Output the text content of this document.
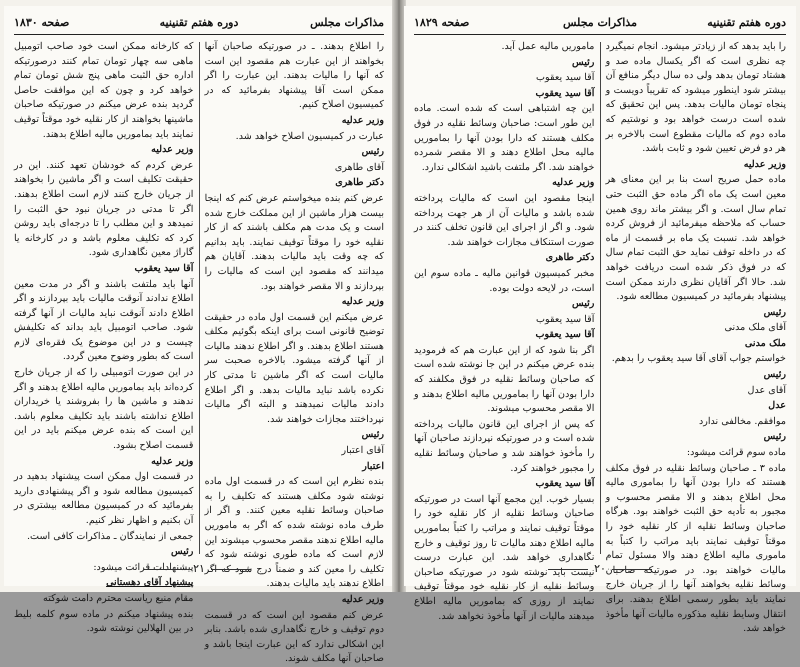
مذاکرات مجلس
دوره هفتم تقنینیه
صفحه ۱۸۳۰

را اطلاع بدهند. ـ در صورتیکه صاحبان آنها بخواهند از این عبارت هم مقصود این است که آنها را مالیات بدهند. این عبارت را اگر ممکن است آقا پیشنهاد بفرمائید که در کمیسیون اصلاح کنیم.

وزیر عدلیه

عبارت در کمیسیون اصلاح خواهد شد.

رئیس

آقای طاهری

دکتر طاهری

عرض کنم بنده میخواستم عرض کنم که اینجا بیست هزار ماشین از این مملکت خارج شده است و یک مدت هم مکلف باشند که از کار نقلیه خود را موقتاً توقیف نمایند. باید بدانیم که چه وقت باید مالیات بدهند. آقایان هم میدانند که مقصود این است که مالیات را بپردازند و الا مقصر خواهند بود.

وزیر عدلیه

عرض میکنم این قسمت اول ماده در حقیقت توضیح قانونی است برای اینکه بگوئیم مکلف هستند اطلاع بدهند. و اگر اطلاع ندهند مالیات از آنها گرفته میشود. بالاخره صحبت سر مالیات است که اگر ماشین تا مدتی کار نکرده باشد نباید مالیات بدهد. و اگر اطلاع دادند مالیات نمیدهند و البته اگر مالیات نپرداختند مجازات خواهند شد.

رئیس

آقای اعتبار

اعتبار

بنده نظرم این است که در قسمت اول ماده نوشته شود مکلف هستند که تکلیف را به صاحبان وسائط نقلیه معین کنند. و اگر از طرف ماده نوشته شده که اگر به ماموریں مالیه اطلاع ندهند مقصر محسوب میشوند این لازم است که ماده طوری نوشته شود که تکلیف را معین کند و ضمناً درج شود که اگر اطلاع ندهند باید مالیات بدهند.

وزیر عدلیه

عرض کنم مقصود این است که در قسمت دوم توقیف و خارج نگاهداری شده باشد. بنابر این اشکالی ندارد که این عبارت اینجا باشد و صاحبان آنها مکلف شوند.

که کارخانه ممکن است خود صاحب اتومبیل ماهی سه چهار تومان تمام کنند درصورتیکه اداره حق الثبت ماهی پنج شش تومان تمام خواهد کرد و چون که این موافقت حاصل گردید بنده عرض میکنم در صورتیکه صاحبان ماشینها بخواهند از کار نقلیه خود موقتاً توقیف نمایند باید بماموریں مالیه اطلاع بدهند.

وزیر عدلیه

عرض کردم که خودشان تعهد کنند. این در حقیقت تکلیف است و اگر ماشین را بخواهند از جریان خارج کنند لازم است اطلاع بدهند. اگر تا مدتی در جریان نبود حق الثبت را نمیدهد و این مطلب را تا درجه‌ای باید روشن کرد که تکلیف معلوم باشد و در کارخانه یا گاراژ معین نگاهداری شود.

آقا سید یعقوب

آنها باید ملتفت باشند و اگر در مدت معین اطلاع ندادند آنوقت مالیات باید بپردازند و اگر اطلاع دادند آنوقت نباید مالیات از آنها گرفته شود. صاحب اتومبیل باید بداند که تکلیفش چیست و در این موضوع یک فقره‌ای لازم است که بطور وضوح معین گردد.

در این صورت اتومبیلی را که از جریان خارج کرده‌اند باید بماموریں مالیه اطلاع بدهند و اگر ندهند و ماشین ها را بفروشند یا خریداران اطلاع نداشته باشند باید تکلیف معلوم باشد. این است که بنده عرض میکنم باید در این قسمت اصلاح بشود.

وزیر عدلیه

در قسمت اول ممکن است پیشنهاد بدهید در کمیسیون مطالعه شود و اگر پیشنهادی دارید بفرمائید که در کمیسیون مطالعه بیشتری در آن بکنیم و اظهار نظر کنیم.

جمعی از نمایندگان ـ مذاکرات کافی است.

رئیس

پیشنهادات قرائت میشود:

پیشنهاد آقای دهستانی

مقام منیع ریاست محترم دامت شوکته

بنده پیشنهاد میکنم در ماده سوم کلمه بلیط در بین الهلالین نوشته شود.

۲۱
دوره هفتم تقنینیه
مذاکرات مجلس
صفحه ۱۸۲۹

را باید بدهد که از زیادتر میشود. انجام نمیگیرد چه نظری است که اگر یکسال ماده صد و هشتاد تومان بدهد ولی ده سال دیگر منافع آن بیشتر شود اینطور میشود که تقریباً دویست و پنجاه تومان مالیات بدهد. پس این تحقیق که شده است درست خواهد بود و نوشتیم که ماده دوم که مالیات مقطوع است بالاخره بر هر دو فرض تعیین شود و ثابت باشد.

وزیر عدلیه

ماده حمل صریح است بنا بر این معنای هر معین است یک ماه اگر ماده حق الثبت حتی تمام سال است. و اگر بیشتر ماند روی همین حساب که ملاحظه میفرمائید از فروش کرده خواهد شد. نسبت یک ماه بر قسمت از ماه که در داخله توقف نماید حق الثبت تمام سال که در فوق ذکر شده است دریافت خواهد شد. حالا اگر آقایان نظری دارند ممکن است پیشنهاد بفرمائید در کمیسیون مطالعه شود.

رئیس

آقای ملک مدنی

ملک مدنی

خواستم جواب آقای آقا سید یعقوب را بدهم.

رئیس

آقای عدل

عدل

موافقم. مخالفی ندارد

رئیس

ماده سوم قرائت میشود:

ماده ۳ ـ صاحبان وسائط نقلیه در فوق مکلف هستند که دارا بودن آنها را بماموری مالیه محل اطلاع بدهند و الا مقصر محسوب و مجبور به تأدیه حق الثبت خواهند بود. هرگاه صاحبان وسائط نقلیه از کار نقلیه خود را موقتاً توقیف نمایند باید مراتب را کتباً به ماموری مالیه اطلاع دهند والا مسئول تمام مالیات خواهند بود. در صورتیکه صاحبان وسائط نقلیه بخواهند آنها را از جریان خارج نمایند باید بطور رسمی اطلاع بدهند. برای انتقال وسایط نقلیه مذکوره مالیات آنها مأخوذ خواهد شد.

ماموریں مالیه عمل آید.

رئیس

آقا سید یعقوب

آقا سید یعقوب

این چه اشتباهی است که شده است. ماده این طور است: صاحبان وسائط نقلیه در فوق مکلف هستند که دارا بودن آنها را بماموریں مالیه محل اطلاع دهند و الا مقصر شمرده خواهند شد. اگر ملتفت باشید اشکالی ندارد.

وزیر عدلیه

اینجا مقصود این است که مالیات پرداخته شده باشد و مالیات آن از هر جهت پرداخته شود. و اگر از اجرای این قانون تخلف کنند در صورت استنکاف مجازات خواهند شد.

دکتر طاهری

مخبر کمیسیون قوانین مالیه ـ ماده سوم این است، در لایحه دولت بوده.

رئیس

آقا سید یعقوب

آقا سید یعقوب

اگر بنا شود که از این عبارت هم که فرمودید بنده عرض میکنم در این جا نوشته شده است که صاحبان وسائط نقلیه در فوق مکلفند که دارا بودن آنها را بماموریں مالیه اطلاع بدهند و الا مقصر محسوب میشوند.

که پس از اجرای این قانون مالیات پرداخته شده است و در صورتیکه نپردازند صاحبان آنها را مأخوذ خواهند شد و صاحبان وسائط نقلیه را مجبور خواهند کرد.

آقا سید یعقوب

بسیار خوب. این مجمع آنها است در صورتیکه صاحبان وسائط نقلیه از کار نقلیه خود را موقتاً توقیف نمایند و مراتب را کتباً بماموریں مالیه اطلاع دهند مالیات تا روز توقیف و خارج نگاهداری خواهد شد. این عبارت درست نیست باید نوشته شود در صورتیکه صاحبان وسائط نقلیه از کار نقلیه خود موقتاً توقیف نمایند از روزی که بماموریں مالیه اطلاع میدهند مالیات از آنها مأخوذ نخواهد شد.

۲۰
